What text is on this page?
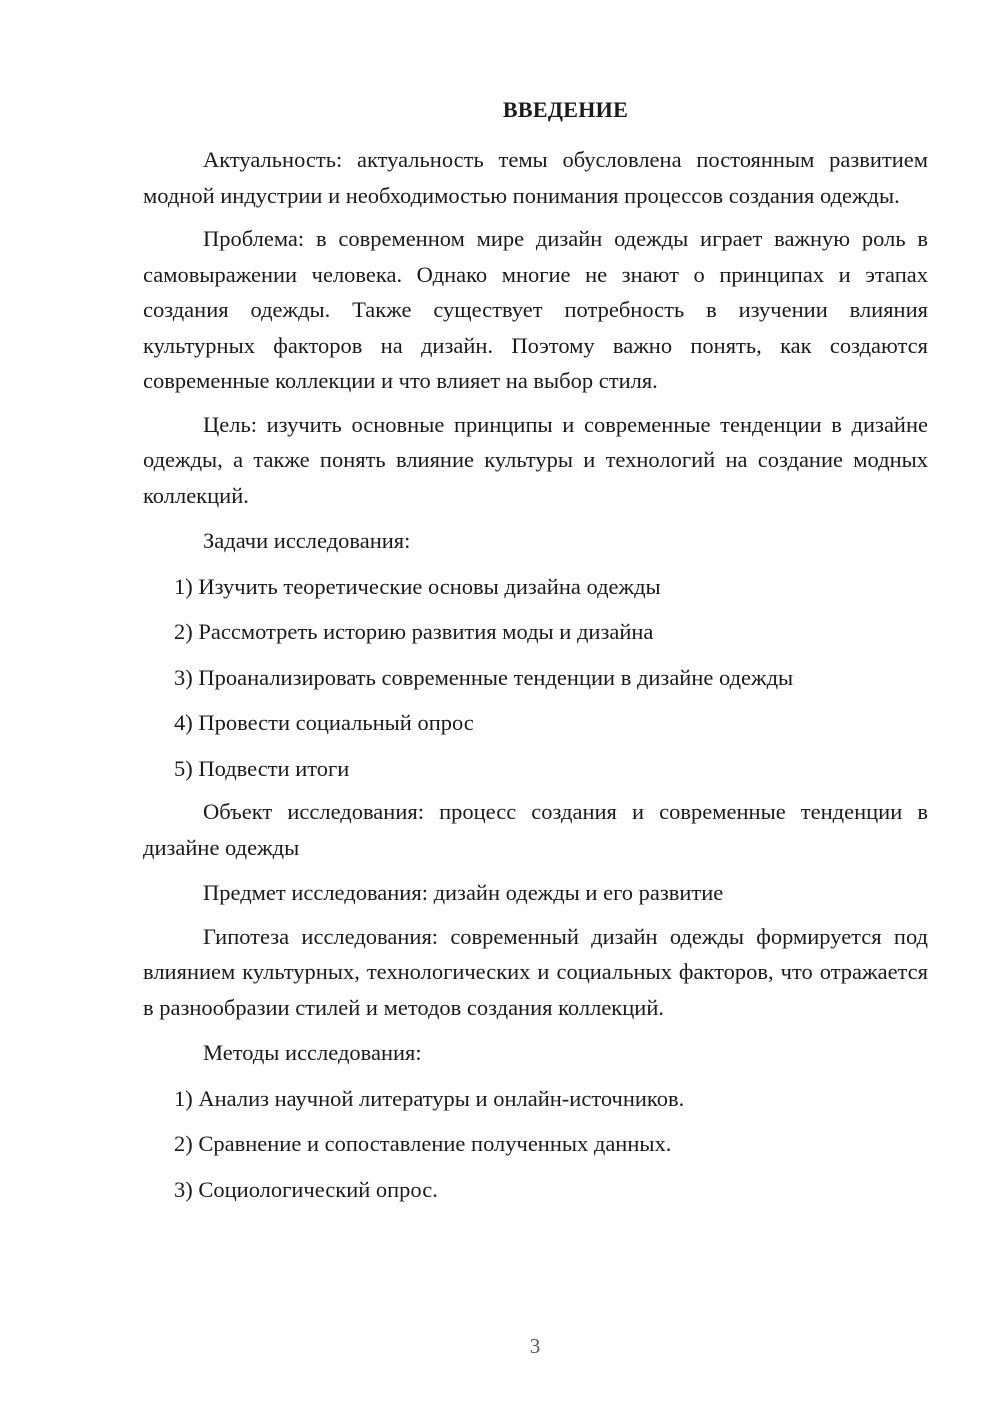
ВВЕДЕНИЕ

Актуальность: актуальность темы обусловлена постоянным развитием модной индустрии и необходимостью понимания процессов создания одежды.

Проблема: в современном мире дизайн одежды играет важную роль в самовыражении человека. Однако многие не знают о принципах и этапах создания одежды. Также существует потребность в изучении влияния культурных факторов на дизайн. Поэтому важно понять, как создаются современные коллекции и что влияет на выбор стиля.

Цель: изучить основные принципы и современные тенденции в дизайне одежды, а также понять влияние культуры и технологий на создание модных коллекций.

Задачи исследования:

1) Изучить теоретические основы дизайна одежды

2) Рассмотреть историю развития моды и дизайна

3) Проанализировать современные тенденции в дизайне одежды

4) Провести социальный опрос

5) Подвести итоги

Объект исследования: процесс создания и современные тенденции в дизайне одежды

Предмет исследования: дизайн одежды и его развитие

Гипотеза исследования: современный дизайн одежды формируется под влиянием культурных, технологических и социальных факторов, что отражается в разнообразии стилей и методов создания коллекций.

Методы исследования:

1) Анализ научной литературы и онлайн-источников.

2) Сравнение и сопоставление полученных данных.

3) Социологический опрос.

3
